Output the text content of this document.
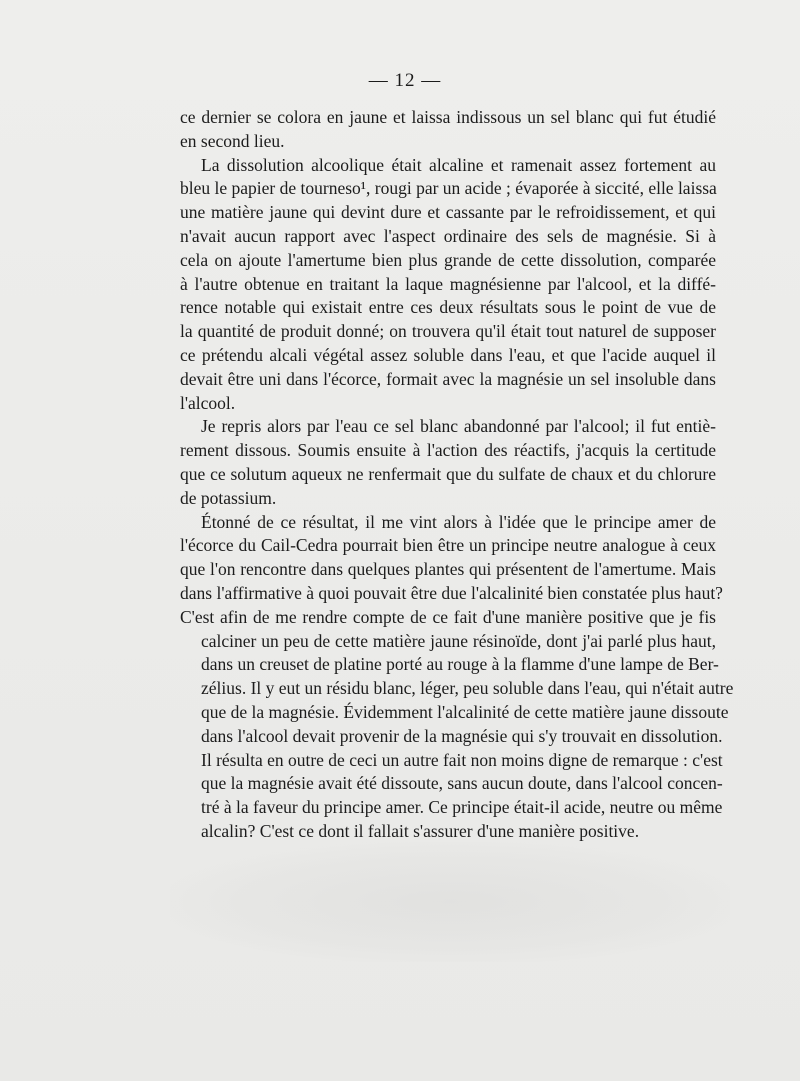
— 12 —
ce dernier se colora en jaune et laissa indissous un sel blanc qui fut étudié
en second lieu.
La dissolution alcoolique était alcaline et ramenait assez fortement au
bleu le papier de tourneso¹, rougi par un acide ; évaporée à siccité, elle laissa
une matière jaune qui devint dure et cassante par le refroidissement, et qui
n'avait aucun rapport avec l'aspect ordinaire des sels de magnésie. Si à
cela on ajoute l'amertume bien plus grande de cette dissolution, comparée
à l'autre obtenue en traitant la laque magnésienne par l'alcool, et la diffé-
rence notable qui existait entre ces deux résultats sous le point de vue de
la quantité de produit donné; on trouvera qu'il était tout naturel de supposer
ce prétendu alcali végétal assez soluble dans l'eau, et que l'acide auquel il
devait être uni dans l'écorce, formait avec la magnésie un sel insoluble dans
l'alcool.
Je repris alors par l'eau ce sel blanc abandonné par l'alcool; il fut entiè-
rement dissous. Soumis ensuite à l'action des réactifs, j'acquis la certitude
que ce solutum aqueux ne renfermait que du sulfate de chaux et du chlorure
de potassium.
Étonné de ce résultat, il me vint alors à l'idée que le principe amer de
l'écorce du Cail-Cedra pourrait bien être un principe neutre analogue à ceux
que l'on rencontre dans quelques plantes qui présentent de l'amertume. Mais
dans l'affirmative à quoi pouvait être due l'alcalinité bien constatée plus haut?
C'est afin de me rendre compte de ce fait d'une manière positive que je fis
calciner un peu de cette matière jaune résinoïde, dont j'ai parlé plus haut,
dans un creuset de platine porté au rouge à la flamme d'une lampe de Ber-
zélius. Il y eut un résidu blanc, léger, peu soluble dans l'eau, qui n'était autre
que de la magnésie. Évidemment l'alcalinité de cette matière jaune dissoute
dans l'alcool devait provenir de la magnésie qui s'y trouvait en dissolution.
Il résulta en outre de ceci un autre fait non moins digne de remarque : c'est
que la magnésie avait été dissoute, sans aucun doute, dans l'alcool concen-
tré à la faveur du principe amer. Ce principe était-il acide, neutre ou même
alcalin? C'est ce dont il fallait s'assurer d'une manière positive.
